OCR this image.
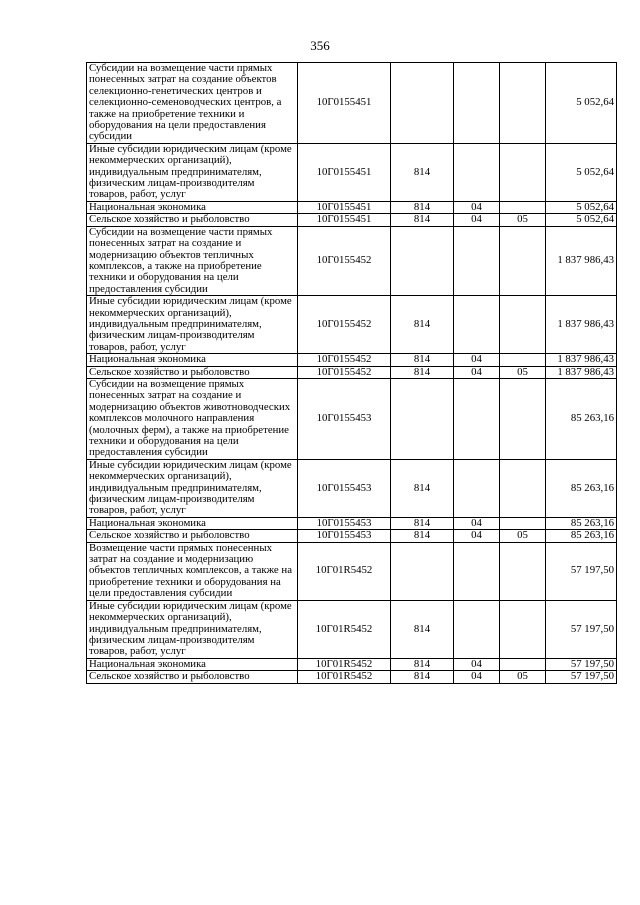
356
Субсидии на возмещение части прямых понесенных затрат на создание объектов селекционно-генетических центров и селекционно-семеноводческих центров, а также на приобретение техники и оборудования на цели предоставления субсидии	10Г0155451				5 052,64
Иные субсидии юридическим лицам (кроме некоммерческих организаций), индивидуальным предпринимателям, физическим лицам-производителям товаров, работ, услуг	10Г0155451	814			5 052,64
Национальная экономика	10Г0155451	814	04		5 052,64
Сельское хозяйство и рыболовство	10Г0155451	814	04	05	5 052,64
Субсидии на возмещение части прямых понесенных затрат на создание и модернизацию объектов тепличных комплексов, а также на приобретение техники и оборудования на цели предоставления субсидии	10Г0155452				1 837 986,43
Иные субсидии юридическим лицам (кроме некоммерческих организаций), индивидуальным предпринимателям, физическим лицам-производителям товаров, работ, услуг	10Г0155452	814			1 837 986,43
Национальная экономика	10Г0155452	814	04		1 837 986,43
Сельское хозяйство и рыболовство	10Г0155452	814	04	05	1 837 986,43
Субсидии на возмещение прямых понесенных затрат на создание и модернизацию объектов животноводческих комплексов молочного направления (молочных ферм), а также на приобретение техники и оборудования на цели предоставления субсидии	10Г0155453				85 263,16
Иные субсидии юридическим лицам (кроме некоммерческих организаций), индивидуальным предпринимателям, физическим лицам-производителям товаров, работ, услуг	10Г0155453	814			85 263,16
Национальная экономика	10Г0155453	814	04		85 263,16
Сельское хозяйство и рыболовство	10Г0155453	814	04	05	85 263,16
Возмещение части прямых понесенных затрат на создание и модернизацию объектов тепличных комплексов, а также на приобретение техники и оборудования на цели предоставления субсидии	10Г01R5452				57 197,50
Иные субсидии юридическим лицам (кроме некоммерческих организаций), индивидуальным предпринимателям, физическим лицам-производителям товаров, работ, услуг	10Г01R5452	814			57 197,50
Национальная экономика	10Г01R5452	814	04		57 197,50
Сельское хозяйство и рыболовство	10Г01R5452	814	04	05	57 197,50
